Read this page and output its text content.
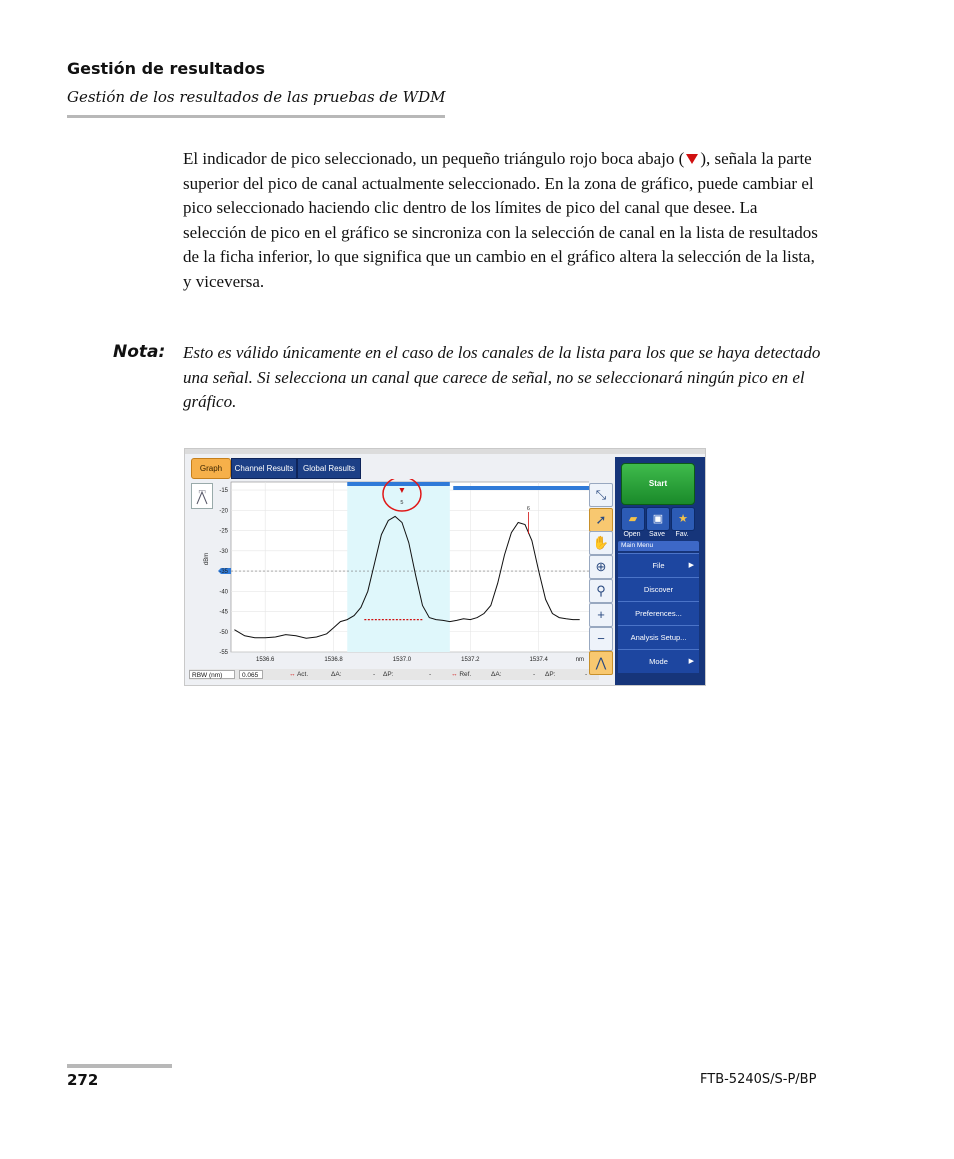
Gestión de resultados
Gestión de los resultados de las pruebas de WDM
El indicador de pico seleccionado, un pequeño triángulo rojo boca abajo ( ), señala la parte superior del pico de canal actualmente seleccionado. En la zona de gráfico, puede cambiar el pico seleccionado haciendo clic dentro de los límites de pico del canal que desee. La selección de pico en el gráfico se sincroniza con la selección de canal en la lista de resultados de la ficha inferior, lo que significa que un cambio en el gráfico altera la selección de la lista, y viceversa.
Nota: Esto es válido únicamente en el caso de los canales de la lista para los que se haya detectado una señal. Si selecciona un canal que carece de señal, no se seleccionará ningún pico en el gráfico.
Graph	Channel Results	Global Results
┌─┐
5
6
-15
-20
-25
-30
-35
-40
-45
-50
-55
1536.6	1536.8	1537.0	1537.2	1537.4
dBm
nm
RBW (nm)	0.065	↔ Act.	ΔA:	- ΔP:	-	↔ Ref.	ΔA:	- ΔP:	-
⤡
➚
✋
⊕
⚲
+
−
⋀
Start
▰	▣	★
Open	Save	Fav.
Main Menu
File	▶
Discover
Preferences...
Analysis Setup...
Mode	▶
272	FTB-5240S/S-P/BP
